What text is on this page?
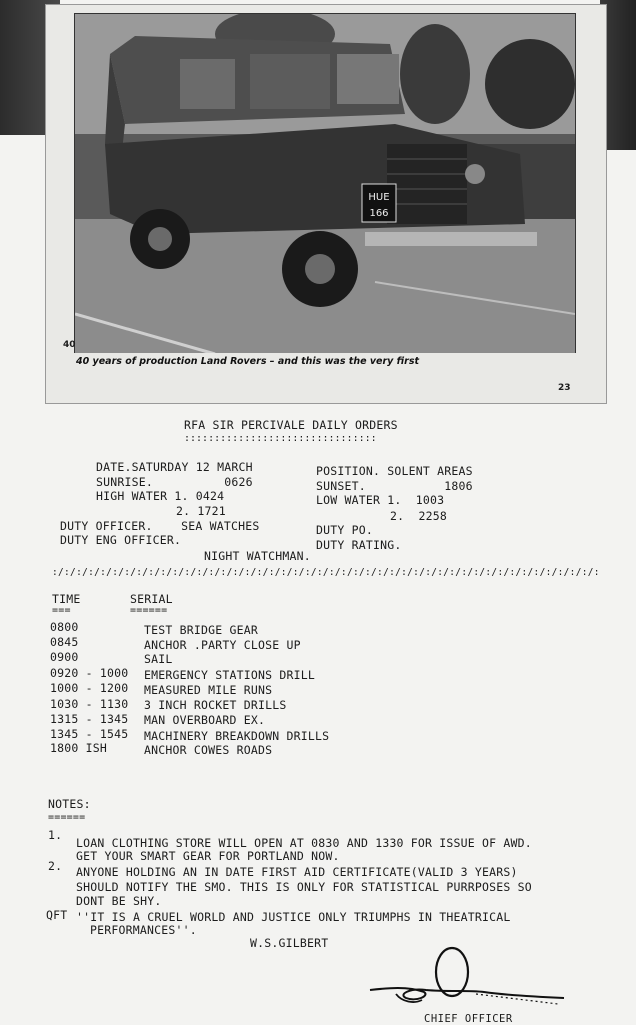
HUE
166
40
40 years of production Land Rovers – and this was the very first
23
RFA SIR PERCIVALE DAILY ORDERS
::::::::::::::::::::::::::::::::
DATE.SATURDAY 12 MARCH
SUNRISE.          0626
HIGH WATER 1. 0424
2. 1721
POSITION. SOLENT AREAS
SUNSET.           1806
LOW WATER 1.  1003
2.  2258
DUTY OFFICER.    SEA WATCHES
DUTY ENG OFFICER.
DUTY PO.
DUTY RATING.
NIGHT WATCHMAN.
:/:/:/:/:/:/:/:/:/:/:/:/:/:/:/:/:/:/:/:/:/:/:/:/:/:/:/:/:/:/:/:/:/:/:/:/:/:/:/:/:/:/:/:/:/:
TIME
===
SERIAL
======
0800	TEST BRIDGE GEAR
0845	ANCHOR .PARTY CLOSE UP
0900	SAIL
0920 - 1000 EMERGENCY STATIONS DRILL
1000 - 1200 MEASURED MILE RUNS
1030 - 1130 3 INCH ROCKET DRILLS
1315 - 1345 MAN OVERBOARD EX.
1345 - 1545 MACHINERY BREAKDOWN DRILLS
1800 ISH	ANCHOR COWES ROADS
NOTES:
======
1.
LOAN CLOTHING STORE WILL OPEN AT 0830 AND 1330 FOR ISSUE OF AWD.
GET YOUR SMART GEAR FOR PORTLAND NOW.
2. ANYONE HOLDING AN IN DATE FIRST AID CERTIFICATE(VALID 3 YEARS)
SHOULD NOTIFY THE SMO. THIS IS ONLY FOR STATISTICAL PURRPOSES SO
DONT BE SHY.
QFT ''IT IS A CRUEL WORLD AND JUSTICE ONLY TRIUMPHS IN THEATRICAL
PERFORMANCES''.
W.S.GILBERT
CHIEF OFFICER
